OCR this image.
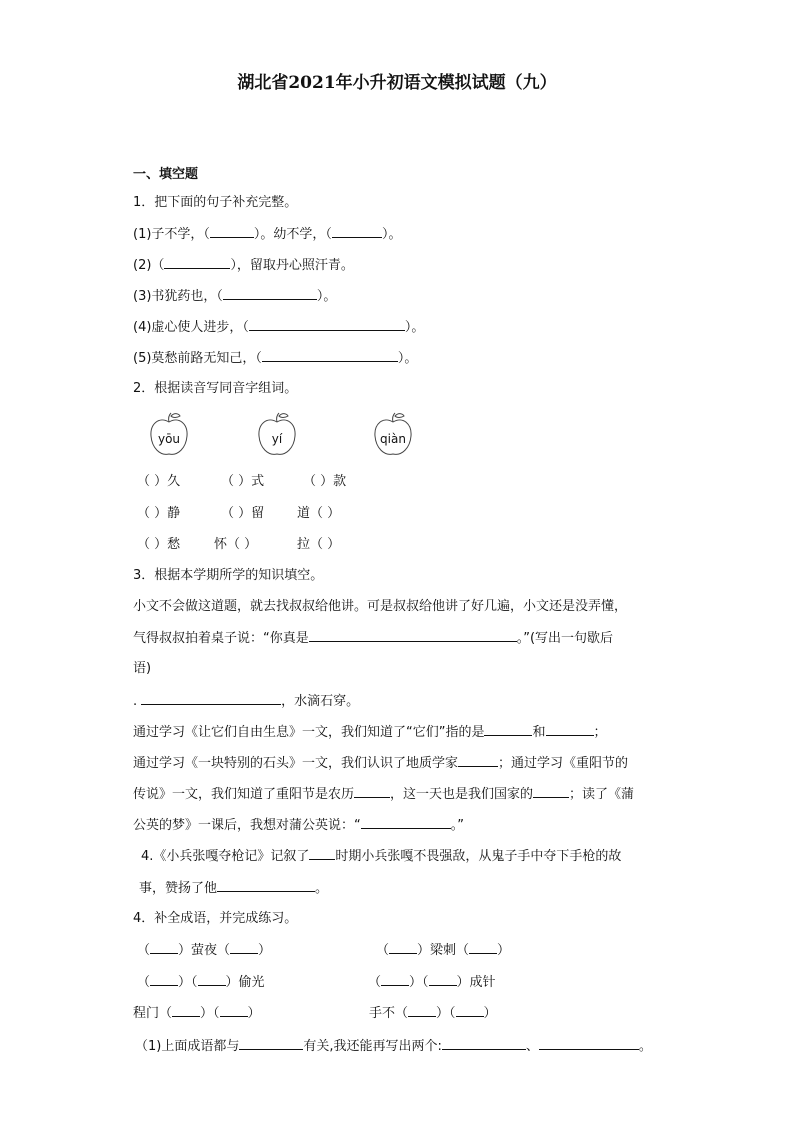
湖北省2021年小升初语文模拟试题（九）
一、填空题
1．把下面的句子补充完整。
(1)子不学，（	）。幼不学，（	）。
(2)（	），留取丹心照汗青。
(3)书犹药也，（	）。
(4)虚心使人进步，（	）。
(5)莫愁前路无知己，（	）。
2．根据读音写同音字组词。
yōu	yí	qiàn
（ ）久	（ ）式	（ ）款
（ ）静	（ ）留	道（ ）
（ ）愁	怀（ ）	拉（ ）
3．根据本学期所学的知识填空。
小文不会做这道题，就去找叔叔给他讲。可是叔叔给他讲了好几遍，小文还是没弄懂，
气得叔叔拍着桌子说：“你真是	。”(写出一句歇后
语)
.	，水滴石穿。
通过学习《让它们自由生息》一文，我们知道了“它们”指的是	和	；
通过学习《一块特别的石头》一文，我们认识了地质学家	；通过学习《重阳节的
传说》一文，我们知道了重阳节是农历	，这一天也是我们国家的	；读了《蒲
公英的梦》一课后，我想对蒲公英说：“	。”
4.《小兵张嘎夺枪记》记叙了 时期小兵张嘎不畏强敌，从鬼子手中夺下手枪的故
事，赞扬了他	。
4．补全成语，并完成练习。
（ ）萤夜（ ）	（ ）梁刺（ ）
（ ）（ ）偷光	（ ）（ ）成针
程门（ ）（ ）	手不（ ）（ ）
（1)上面成语都与	有关,我还能再写出两个:	、	。
